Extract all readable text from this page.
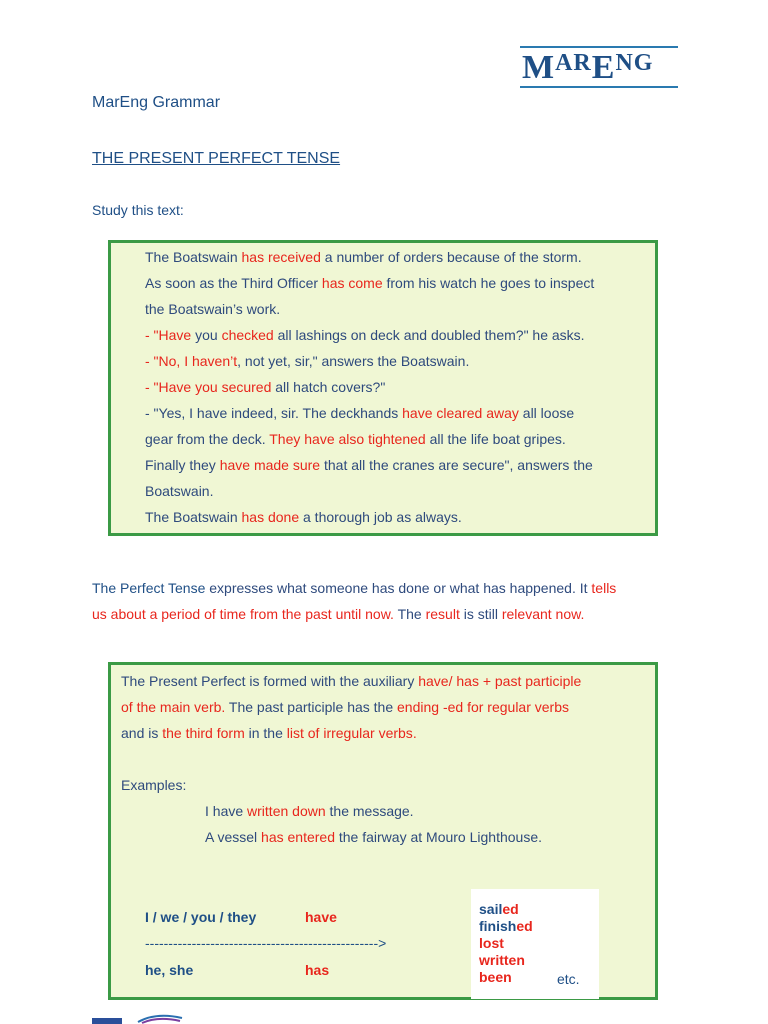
MARENG
MarEng Grammar
THE PRESENT PERFECT TENSE
Study this text:
The Boatswain has received a number of orders because of the storm.
As soon as the Third Officer has come from his watch he goes to inspect
the Boatswain’s work.
- "Have you checked all lashings on deck and doubled them?" he asks.
- "No, I haven’t, not yet, sir," answers the Boatswain.
- "Have you secured all hatch covers?"
- "Yes, I have indeed, sir. The deckhands have cleared away all loose
gear from the deck. They have also tightened all the life boat gripes.
Finally they have made sure that all the cranes are secure", answers the
Boatswain.
The Boatswain has done a thorough job as always.
The Perfect Tense expresses what someone has done or what has happened. It tells
us about a period of time from the past until now. The result is still relevant now.
The Present Perfect is formed with the auxiliary have/ has + past participle
of the main verb. The past participle has the ending -ed for regular verbs
and is the third form in the list of irregular verbs.
Examples:
I have written down the message.
A vessel has entered the fairway at Mouro Lighthouse.
I / we / you / they	have
-------------------------------------------------->
he, she	has
sailed
finished
lost
written
been	etc.
